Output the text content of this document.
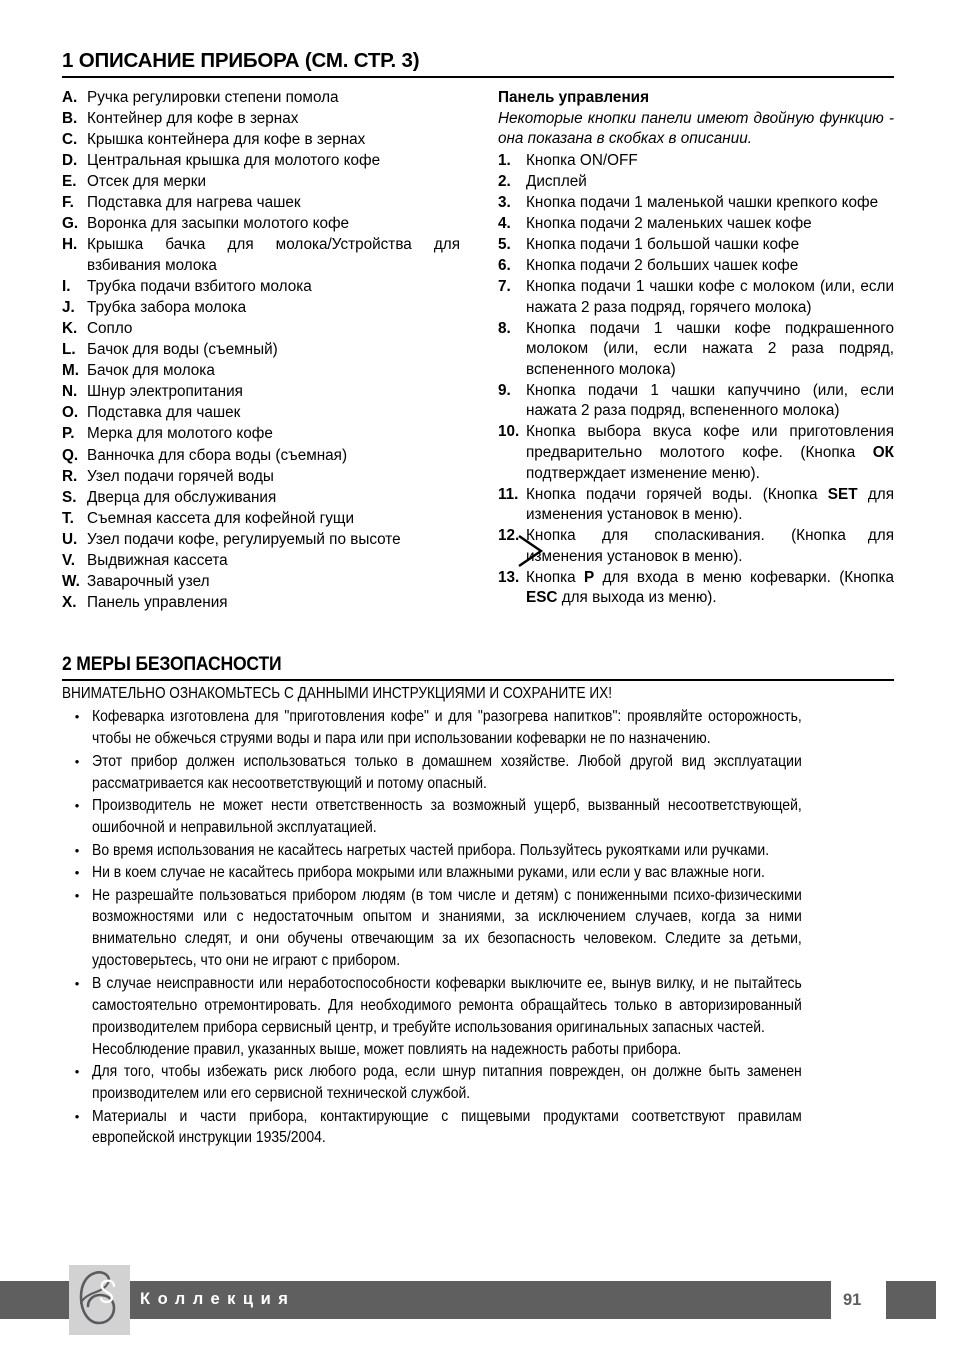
1 ОПИСАНИЕ ПРИБОРА (СМ. СТР. 3)
A. Ручка регулировки степени помола
B. Контейнер для кофе в зернах
C. Крышка контейнера для кофе в зернах
D. Центральная крышка для молотого кофе
E. Отсек для мерки
F. Подставка для нагрева чашек
G. Воронка для засыпки молотого кофе
H. Крышка бачка для молока/Устройства для взбивания молока
I.	Трубка подачи взбитого молока
J. Трубка забора молока
K. Сопло
L. Бачок для воды (съемный)
M. Бачок для молока
N. Шнур электропитания
O. Подставка для чашек
P. Мерка для молотого кофе
Q. Ванночка для сбора воды (съемная)
R. Узел подачи горячей воды
S. Дверца для обслуживания
T. Съемная кассета для кофейной гущи
U. Узел подачи кофе, регулируемый по высоте
V. Выдвижная кассета
W. Заварочный узел
X. Панель управления
Панель управления
Некоторые кнопки панели имеют двойную функцию - она показана в скобках в описании.
1. Кнопка ON/OFF
2. Дисплей
3. Кнопка подачи 1 маленькой чашки крепкого кофе
4. Кнопка подачи 2 маленьких чашек кофе
5. Кнопка подачи 1 большой чашки кофе
6. Кнопка подачи 2 больших чашек кофе
7. Кнопка подачи 1 чашки кофе с молоком (или, если нажата 2 раза подряд, горячего молока)
8. Кнопка подачи 1 чашки кофе подкрашенного молоком (или, если нажата 2 раза подряд, вспененного молока)
9. Кнопка подачи 1 чашки капуччино (или, если нажата 2 раза подряд, вспененного молока)
10. Кнопка выбора вкуса кофе или приготовления предварительно молотого кофе. (Кнопка ОК подтверждает изменение меню).
11. Кнопка подачи горячей воды. (Кнопка SET для изменения установок в меню).
12. Кнопка для споласкивания. (Кнопка для изменения установок в меню).
13. Кнопка Р для входа в меню кофеварки. (Кнопка ESC для выхода из меню).
2 МЕРЫ БЕЗОПАСНОСТИ
ВНИМАТЕЛЬНО ОЗНАКОМЬТЕСЬ С ДАННЫМИ ИНСТРУКЦИЯМИ И СОХРАНИТЕ ИХ!
• Кофеварка изготовлена для "приготовления кофе" и для "разогрева напитков": проявляйте осторожность, чтобы не обжечься струями воды и пара или при использовании кофеварки не по назначению.

• Этот прибор должен использоваться только в домашнем хозяйстве. Любой другой вид эксплуатации рассматривается как несоответствующий и потому опасный.

• Производитель не может нести ответственность за возможный ущерб, вызванный несоответствующей, ошибочной и неправильной эксплуатацией.

• Во время использования не касайтесь нагретых частей прибора. Пользуйтесь рукоятками или ручками.

• Ни в коем случае не касайтесь прибора мокрыми или влажными руками, или если у вас влажные ноги.

• Не разрешайте пользоваться прибором людям (в том числе и детям) с пониженными психо-физическими возможностями или с недостаточным опытом и знаниями, за исключением случаев, когда за ними внимательно следят, и они обучены отвечающим за их безопасность человеком. Следите за детьми, удостоверьтесь, что они не играют с прибором.

• В случае неисправности или неработоспособности кофеварки выключите ее, вынув вилку, и не пытайтесь самостоятельно отремонтировать. Для необходимого ремонта обращайтесь только в авторизированный производителем прибора сервисный центр, и требуйте использования оригинальных запасных частей.

Несоблюдение правил, указанных выше, может повлиять на надежность работы прибора.

• Для того, чтобы избежать риск любого рода, если шнур питапния поврежден, он должне быть заменен производителем или его сервисной технической службой.

• Материалы и части прибора, контактирующие с пищевыми продуктами соответствуют правилам европейской инструкции 1935/2004.

Коллекция	91
